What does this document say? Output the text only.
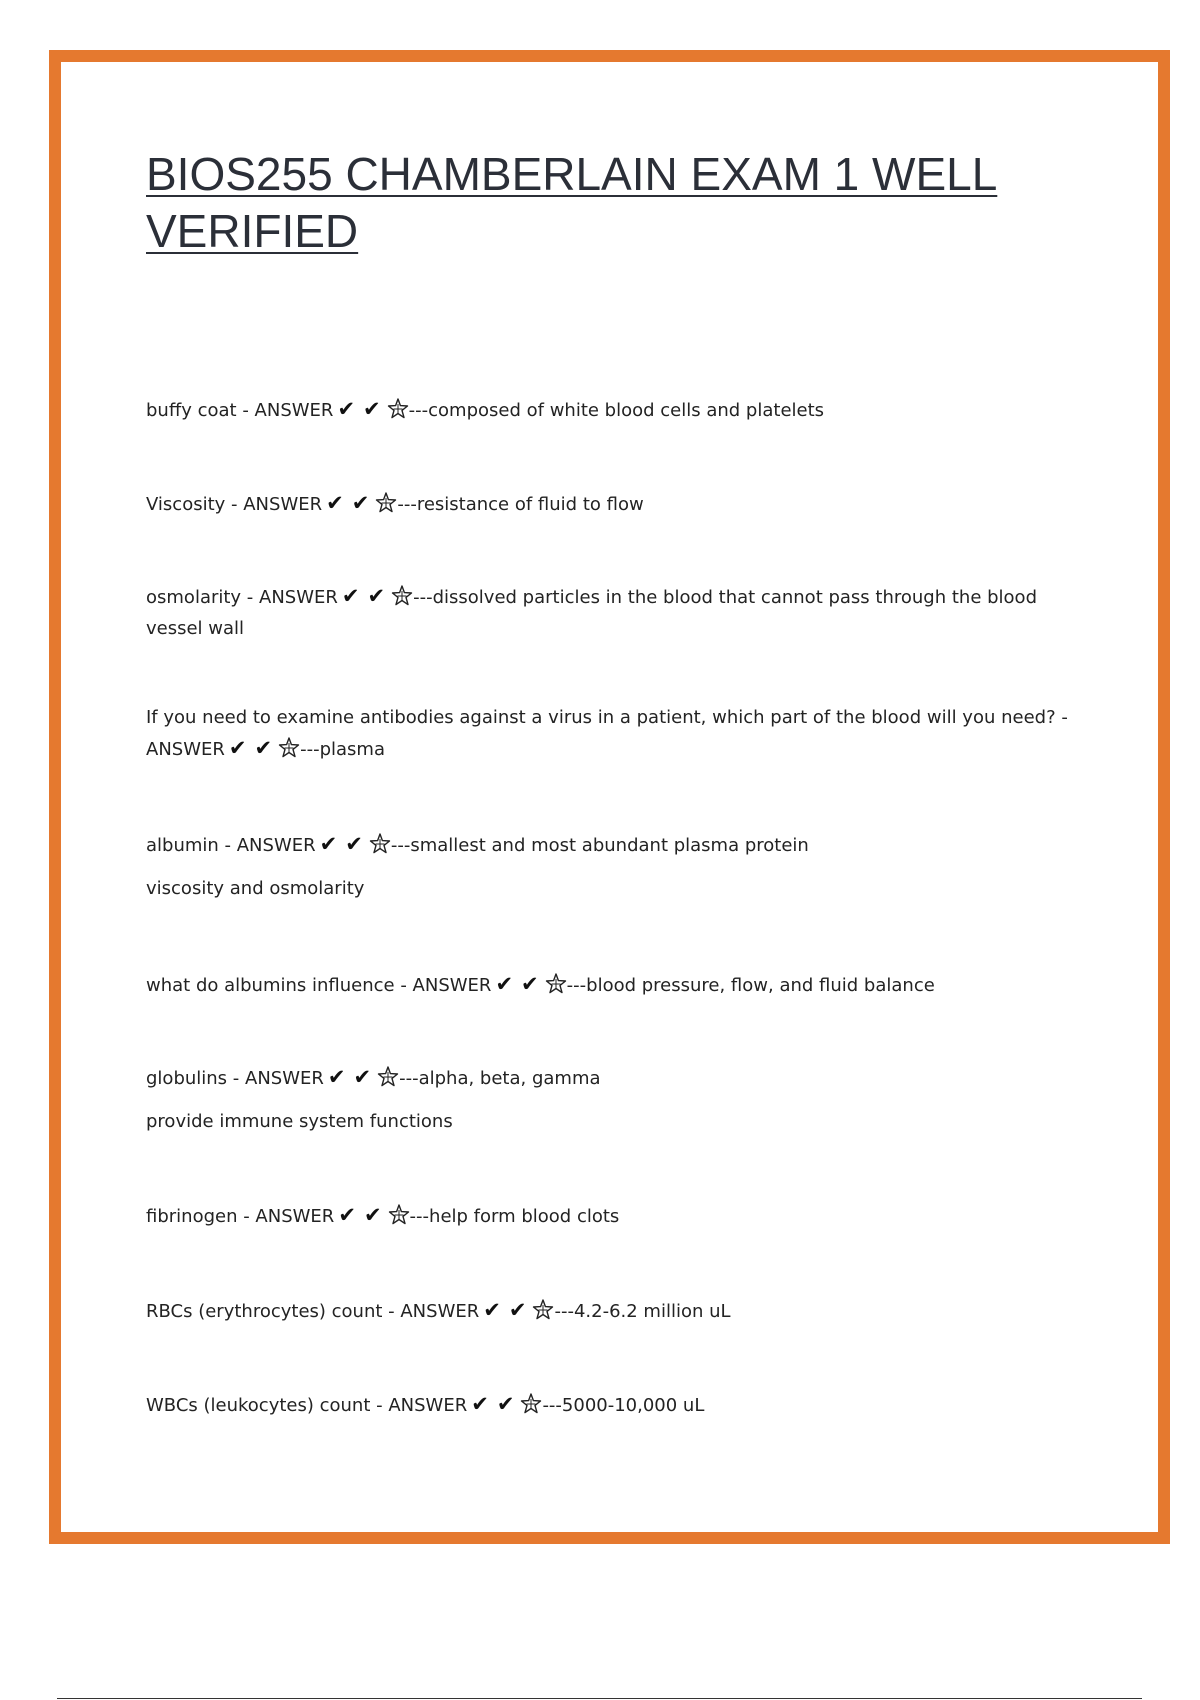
BIOS255 CHAMBERLAIN EXAM 1 WELL VERIFIED
buffy coat - ANSWER ✔ ✔ ---composed of white blood cells and platelets
Viscosity - ANSWER ✔ ✔ ---resistance of fluid to flow
osmolarity - ANSWER ✔ ✔ ---dissolved particles in the blood that cannot pass through the blood vessel wall
If you need to examine antibodies against a virus in a patient, which part of the blood will you need? - ANSWER ✔ ✔ ---plasma
albumin - ANSWER ✔ ✔ ---smallest and most abundant plasma protein
viscosity and osmolarity
what do albumins influence - ANSWER ✔ ✔ ---blood pressure, flow, and fluid balance
globulins - ANSWER ✔ ✔ ---alpha, beta, gamma
provide immune system functions
fibrinogen - ANSWER ✔ ✔ ---help form blood clots
RBCs (erythrocytes) count - ANSWER ✔ ✔ ---4.2-6.2 million uL
WBCs (leukocytes) count - ANSWER ✔ ✔ ---5000-10,000 uL
